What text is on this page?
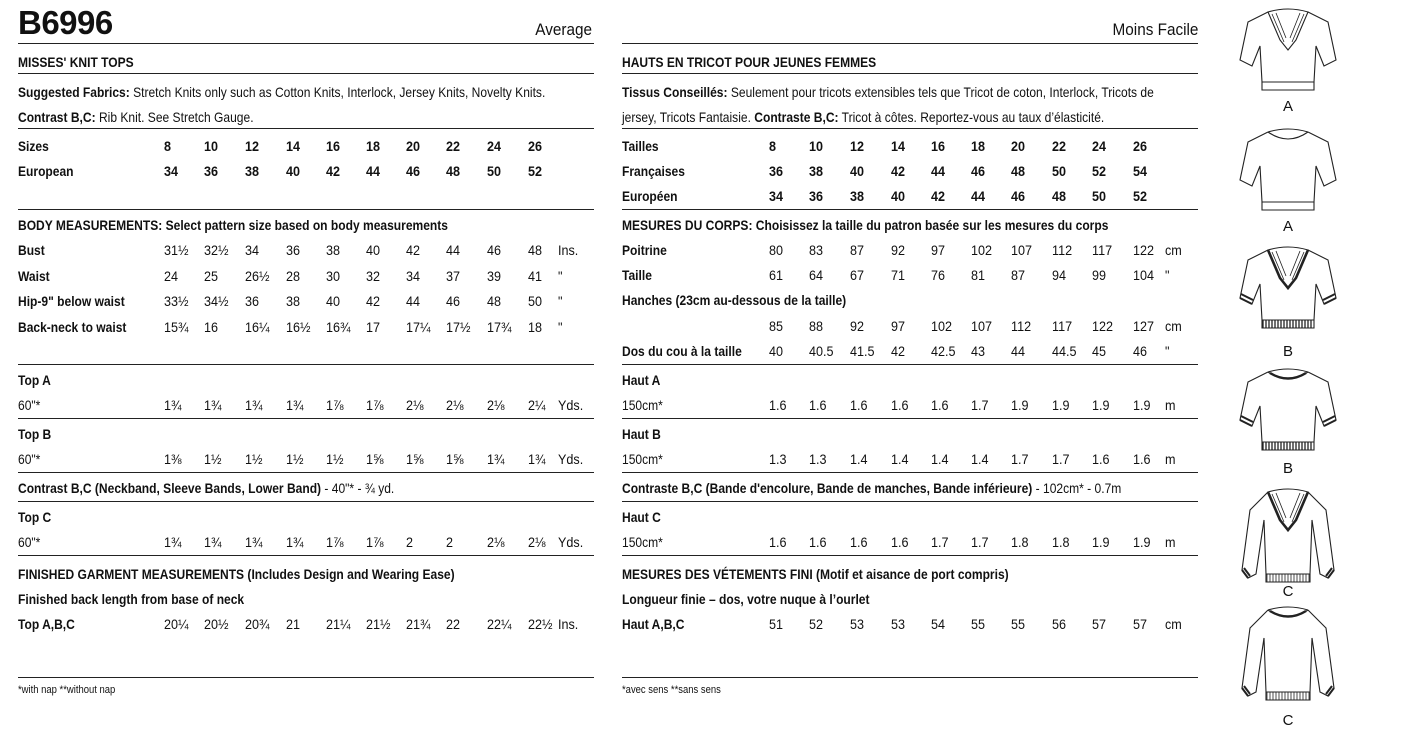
B6996	Average	Moins Facile
MISSES' KNIT TOPS
Suggested Fabrics: Stretch Knits only such as Cotton Knits, Interlock, Jersey Knits, Novelty Knits.
Contrast B,C: Rib Knit. See Stretch Gauge.
Sizes	8 10 12 14 16 18 20 22 24 26
European	34 36 38 40 42 44 46 48 50 52
BODY MEASUREMENTS: Select pattern size based on body measurements
Bust	31½ 32½ 34 36 38 40 42 44 46 48 Ins.
Waist	24 25 26½ 28 30 32 34 37 39 41 "
Hip-9" below waist	33½ 34½ 36 38 40 42 44 46 48 50 "
Back-neck to waist	15¾ 16 16¼ 16½ 16¾ 17 17¼ 17½ 17¾ 18 "
Top A
60"*	1¾ 1¾ 1¾ 1¾ 1⅞ 1⅞ 2⅛ 2⅛ 2⅛ 2¼ Yds.
Top B
60"*	1⅜ 1½ 1½ 1½ 1½ 1⅝ 1⅝ 1⅝ 1¾ 1¾ Yds.
Contrast B,C (Neckband, Sleeve Bands, Lower Band) - 40"* - ¾ yd.
Top C
60"*	1¾ 1¾ 1¾ 1¾ 1⅞ 1⅞ 2 2 2⅛ 2⅛ Yds.
FINISHED GARMENT MEASUREMENTS (Includes Design and Wearing Ease)
Finished back length from base of neck
Top A,B,C	20¼ 20½ 20¾ 21 21¼ 21½ 21¾ 22 22¼ 22½ Ins.
*with nap **without nap
HAUTS EN TRICOT POUR JEUNES FEMMES
Tissus Conseillés: Seulement pour tricots extensibles tels que Tricot de coton, Interlock, Tricots de
jersey, Tricots Fantaisie. Contraste B,C: Tricot à côtes. Reportez-vous au taux d’élasticité.
Tailles	8 10 12 14 16 18 20 22 24 26
Françaises	36 38 40 42 44 46 48 50 52 54
Européen	34 36 38 40 42 44 46 48 50 52
MESURES DU CORPS: Choisissez la taille du patron basée sur les mesures du corps
Poitrine	80 83 87 92 97 102 107 112 117 122 cm
Taille	61 64 67 71 76 81 87 94 99 104 "
Hanches (23cm au-dessous de la taille)
85 88 92 97 102 107 112 117 122 127 cm
Dos du cou à la taille 40 40.5 41.5 42 42.5 43 44 44.5 45 46 "
Haut A
150cm*	1.6 1.6 1.6 1.6 1.6 1.7 1.9 1.9 1.9 1.9 m
Haut B
150cm*	1.3 1.3 1.4 1.4 1.4 1.4 1.7 1.7 1.6 1.6 m
Contraste B,C (Bande d'encolure, Bande de manches, Bande inférieure) - 102cm* - 0.7m
Haut C
150cm*	1.6 1.6 1.6 1.6 1.7 1.7 1.8 1.8 1.9 1.9 m
MESURES DES VÉTEMENTS FINI (Motif et aisance de port compris)
Longueur finie – dos, votre nuque à l’ourlet
Haut A,B,C	51 52 53 53 54 55 55 56 57 57 cm
*avec sens **sans sens
A
A
B
B
C
C
